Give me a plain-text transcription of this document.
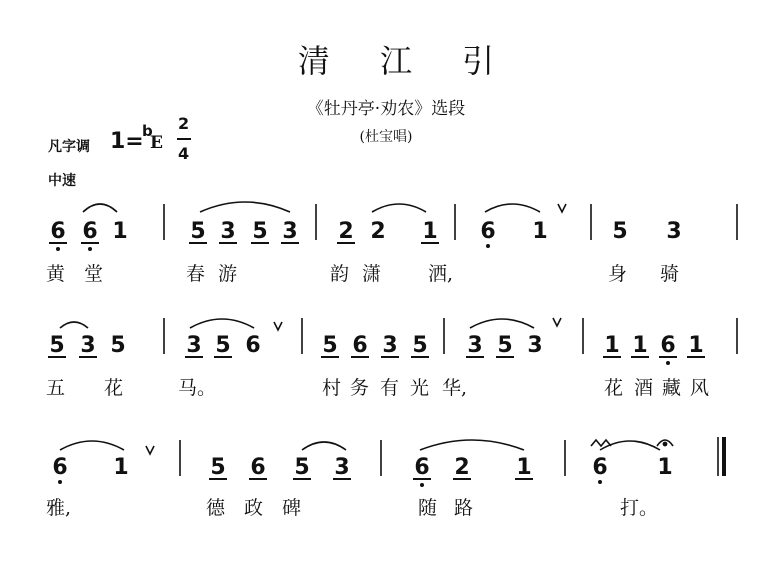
清 江 引
《牡丹亭·劝农》选段
(杜宝唱)
凡字调 1=
b
E
2
4
中速
6 6 1	5 3 5 3 2 2 1 6 1	5 3
5 3 5	3 5 6	5 6 3 5 3 5 3	1 1 6 1
6 1	5 6 5 3	6 2 1	6 1
黄 堂	春 游	韵 潇 洒,	身 骑
五 花	马。	村 务 有 光 华,	花 酒 藏 风
雅,	德 政 碑	随 路	打。
